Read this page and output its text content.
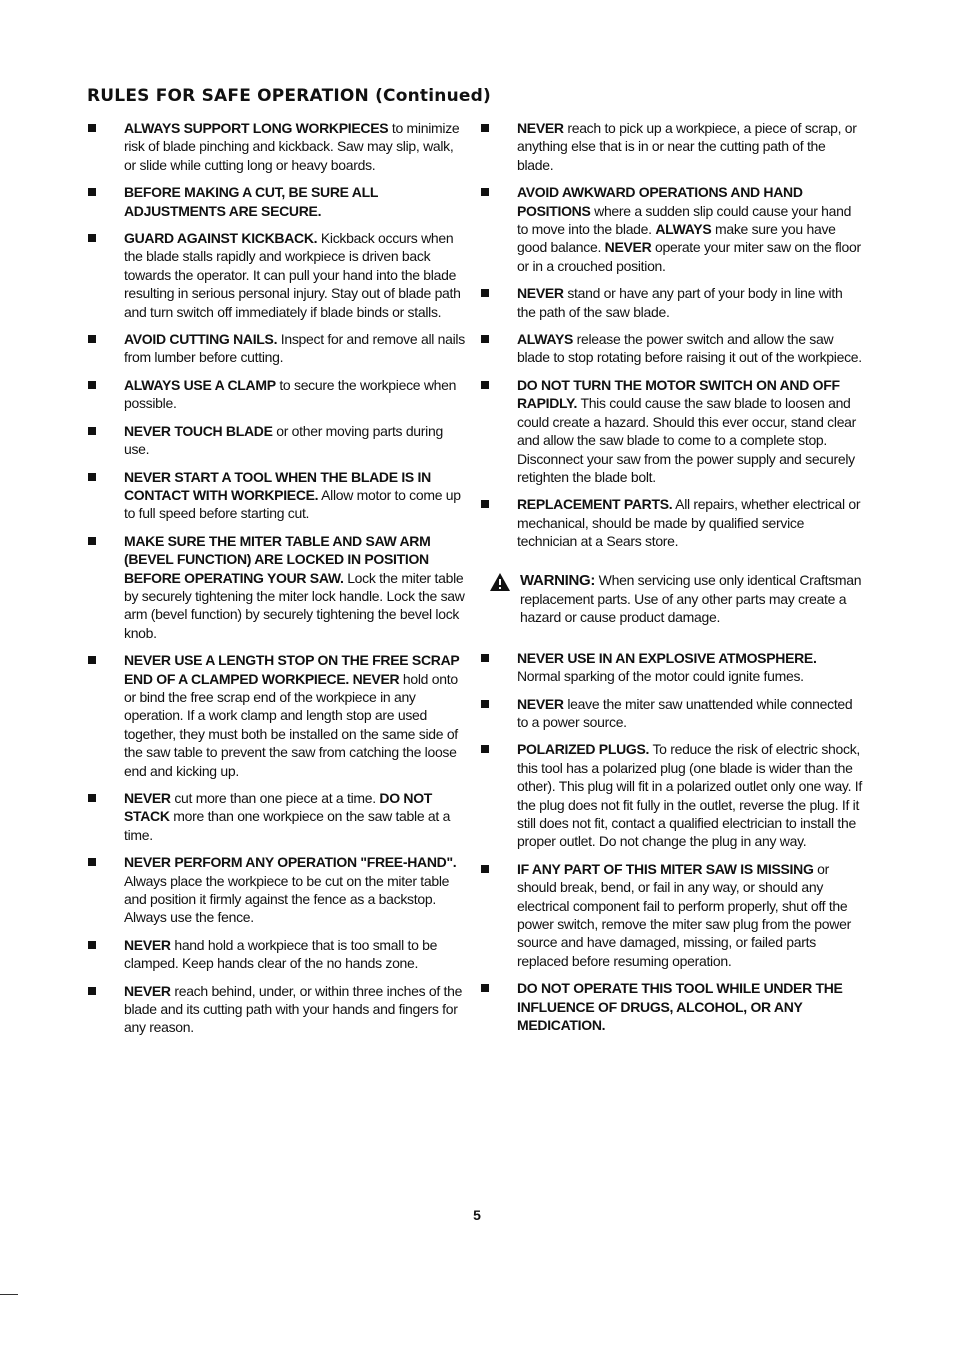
RULES FOR SAFE OPERATION (Continued)
ALWAYS SUPPORT LONG WORKPIECES to minimize risk of blade pinching and kickback. Saw may slip, walk, or slide while cutting long or heavy boards.
BEFORE MAKING A CUT, BE SURE ALL ADJUSTMENTS ARE SECURE.
GUARD AGAINST KICKBACK. Kickback occurs when the blade stalls rapidly and workpiece is driven back towards the operator. It can pull your hand into the blade resulting in serious personal injury. Stay out of blade path and turn switch off immediately if blade binds or stalls.
AVOID CUTTING NAILS. Inspect for and remove all nails from lumber before cutting.
ALWAYS USE A CLAMP to secure the workpiece when possible.
NEVER TOUCH BLADE or other moving parts during use.
NEVER START A TOOL WHEN THE BLADE IS IN CONTACT WITH WORKPIECE. Allow motor to come up to full speed before starting cut.
MAKE SURE THE MITER TABLE AND SAW ARM (BEVEL FUNCTION) ARE LOCKED IN POSITION BEFORE OPERATING YOUR SAW. Lock the miter table by securely tightening the miter lock handle. Lock the saw arm (bevel function) by securely tightening the bevel lock knob.
NEVER USE A LENGTH STOP ON THE FREE SCRAP END OF A CLAMPED WORKPIECE. NEVER hold onto or bind the free scrap end of the workpiece in any operation. If a work clamp and length stop are used together, they must both be installed on the same side of the saw table to prevent the saw from catching the loose end and kicking up.
NEVER cut more than one piece at a time. DO NOT STACK more than one workpiece on the saw table at a time.
NEVER PERFORM ANY OPERATION "FREE-HAND". Always place the workpiece to be cut on the miter table and position it firmly against the fence as a backstop. Always use the fence.
NEVER hand hold a workpiece that is too small to be clamped. Keep hands clear of the no hands zone.
NEVER reach behind, under, or within three inches of the blade and its cutting path with your hands and fingers for any reason.
NEVER reach to pick up a workpiece, a piece of scrap, or anything else that is in or near the cutting path of the blade.
AVOID AWKWARD OPERATIONS AND HAND POSITIONS where a sudden slip could cause your hand to move into the blade. ALWAYS make sure you have good balance. NEVER operate your miter saw on the floor or in a crouched position.
NEVER stand or have any part of your body in line with the path of the saw blade.
ALWAYS release the power switch and allow the saw blade to stop rotating before raising it out of the workpiece.
DO NOT TURN THE MOTOR SWITCH ON AND OFF RAPIDLY. This could cause the saw blade to loosen and could create a hazard. Should this ever occur, stand clear and allow the saw blade to come to a complete stop. Disconnect your saw from the power supply and securely retighten the blade bolt.
REPLACEMENT PARTS. All repairs, whether electrical or mechanical, should be made by qualified service technician at a Sears store.
WARNING: When servicing use only identical Craftsman replacement parts. Use of any other parts may create a hazard or cause product damage.
NEVER USE IN AN EXPLOSIVE ATMOSPHERE. Normal sparking of the motor could ignite fumes.
NEVER leave the miter saw unattended while connected to a power source.
POLARIZED PLUGS. To reduce the risk of electric shock, this tool has a polarized plug (one blade is wider than the other). This plug will fit in a polarized outlet only one way. If the plug does not fit fully in the outlet, reverse the plug. If it still does not fit, contact a qualified electrician to install the proper outlet. Do not change the plug in any way.
IF ANY PART OF THIS MITER SAW IS MISSING or should break, bend, or fail in any way, or should any electrical component fail to perform properly, shut off the power switch, remove the miter saw plug from the power source and have damaged, missing, or failed parts replaced before resuming operation.
DO NOT OPERATE THIS TOOL WHILE UNDER THE INFLUENCE OF DRUGS, ALCOHOL, OR ANY MEDICATION.
5
